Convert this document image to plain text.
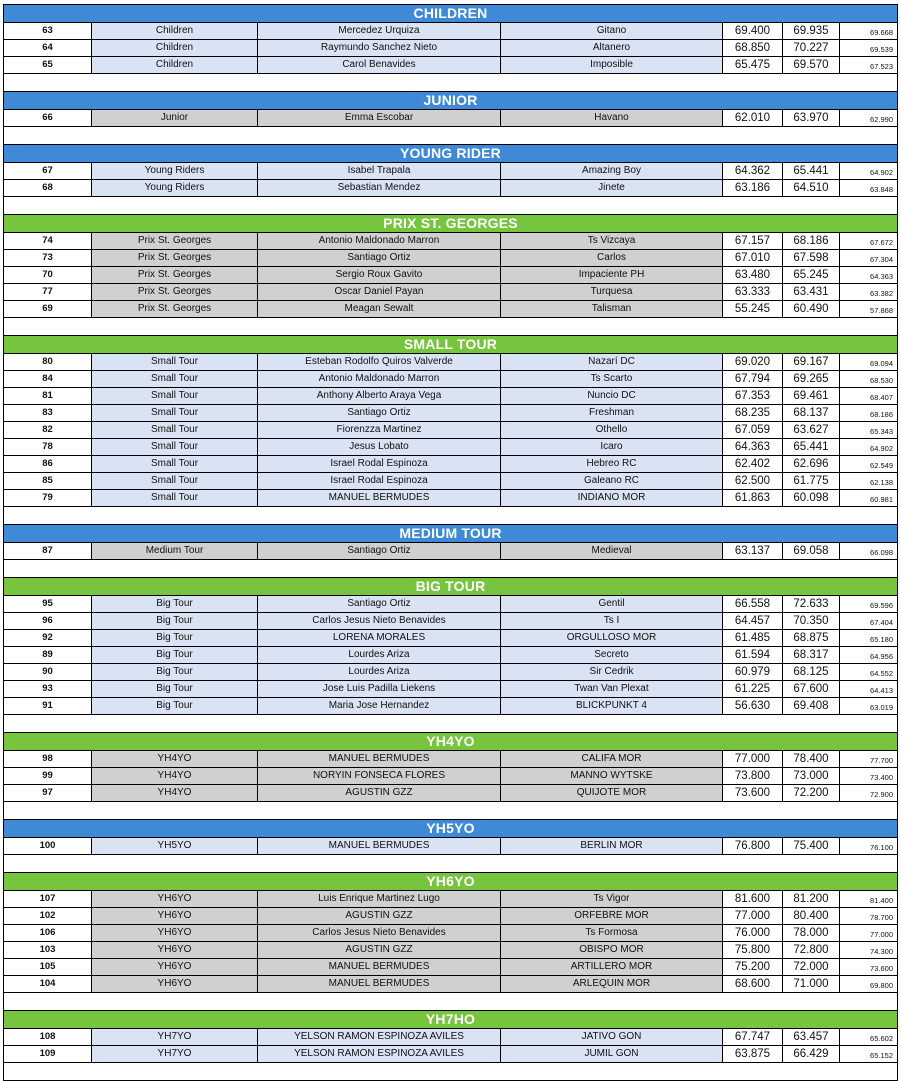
CHILDREN
63	Children	Mercedez Urquiza	Gitano	69.400	69.935	69.668
64	Children	Raymundo Sanchez Nieto	Altanero	68.850	70.227	69.539
65	Children	Carol Benavides	Imposible	65.475	69.570	67.523
JUNIOR
66	Junior	Emma Escobar	Havano	62.010	63.970	62.990
YOUNG RIDER
67	Young Riders	Isabel Trapala	Amazing Boy	64.362	65.441	64.902
68	Young Riders	Sebastian Mendez	Jinete	63.186	64.510	63.848
PRIX ST. GEORGES
74	Prix St. Georges	Antonio Maldonado Marron	Ts Vizcaya	67.157	68.186	67.672
73	Prix St. Georges	Santiago Ortiz	Carlos	67.010	67.598	67.304
70	Prix St. Georges	Sergio Roux Gavito	Impaciente PH	63.480	65.245	64.363
77	Prix St. Georges	Oscar Daniel Payan	Turquesa	63.333	63.431	63.382
69	Prix St. Georges	Meagan Sewalt	Talisman	55.245	60.490	57.868
SMALL TOUR
80	Small Tour	Esteban Rodolfo Quiros Valverde	Nazarí DC	69.020	69.167	69.094
84	Small Tour	Antonio Maldonado Marron	Ts Scarto	67.794	69.265	68.530
81	Small Tour	Anthony Alberto Araya Vega	Nuncio DC	67.353	69.461	68.407
83	Small Tour	Santiago Ortiz	Freshman	68.235	68.137	68.186
82	Small Tour	Fiorenzza Martinez	Othello	67.059	63.627	65.343
78	Small Tour	Jesus Lobato	Icaro	64.363	65.441	64.902
86	Small Tour	Israel Rodal Espinoza	Hebreo RC	62.402	62.696	62.549
85	Small Tour	Israel Rodal Espinoza	Galeano RC	62.500	61.775	62.138
79	Small Tour	MANUEL BERMUDES	INDIANO MOR	61.863	60.098	60.981
MEDIUM TOUR
87	Medium Tour	Santiago Ortiz	Medieval	63.137	69.058	66.098
BIG TOUR
95	Big Tour	Santiago Ortiz	Gentil	66.558	72.633	69.596
96	Big Tour	Carlos Jesus Nieto Benavides	Ts I	64.457	70.350	67.404
92	Big Tour	LORENA MORALES	ORGULLOSO MOR	61.485	68.875	65.180
89	Big Tour	Lourdes Ariza	Secreto	61.594	68.317	64.956
90	Big Tour	Lourdes Ariza	Sir Cedrik	60.979	68.125	64.552
93	Big Tour	Jose Luis Padilla Liekens	Twan Van Plexat	61.225	67.600	64.413
91	Big Tour	Maria Jose Hernandez	BLICKPUNKT 4	56.630	69.408	63.019
YH4YO
98	YH4YO	MANUEL BERMUDES	CALIFA MOR	77.000	78.400	77.700
99	YH4YO	NORYIN FONSECA FLORES	MANNO WYTSKE	73.800	73.000	73.400
97	YH4YO	AGUSTIN GZZ	QUIJOTE MOR	73.600	72.200	72.900
YH5YO
100	YH5YO	MANUEL BERMUDES	BERLIN MOR	76.800	75.400	76.100
YH6YO
107	YH6YO	Luis Enrique Martinez Lugo	Ts Vigor	81.600	81.200	81.400
102	YH6YO	AGUSTIN GZZ	ORFEBRE MOR	77.000	80.400	78.700
106	YH6YO	Carlos Jesus Nieto Benavides	Ts Formosa	76.000	78.000	77.000
103	YH6YO	AGUSTIN GZZ	OBISPO MOR	75.800	72.800	74.300
105	YH6YO	MANUEL BERMUDES	ARTILLERO MOR	75.200	72.000	73.600
104	YH6YO	MANUEL BERMUDES	ARLEQUIN MOR	68.600	71.000	69.800
YH7HO
108	YH7YO	YELSON RAMON ESPINOZA AVILES	JATIVO GON	67.747	63.457	65.602
109	YH7YO	YELSON RAMON ESPINOZA AVILES	JUMIL GON	63.875	66.429	65.152
